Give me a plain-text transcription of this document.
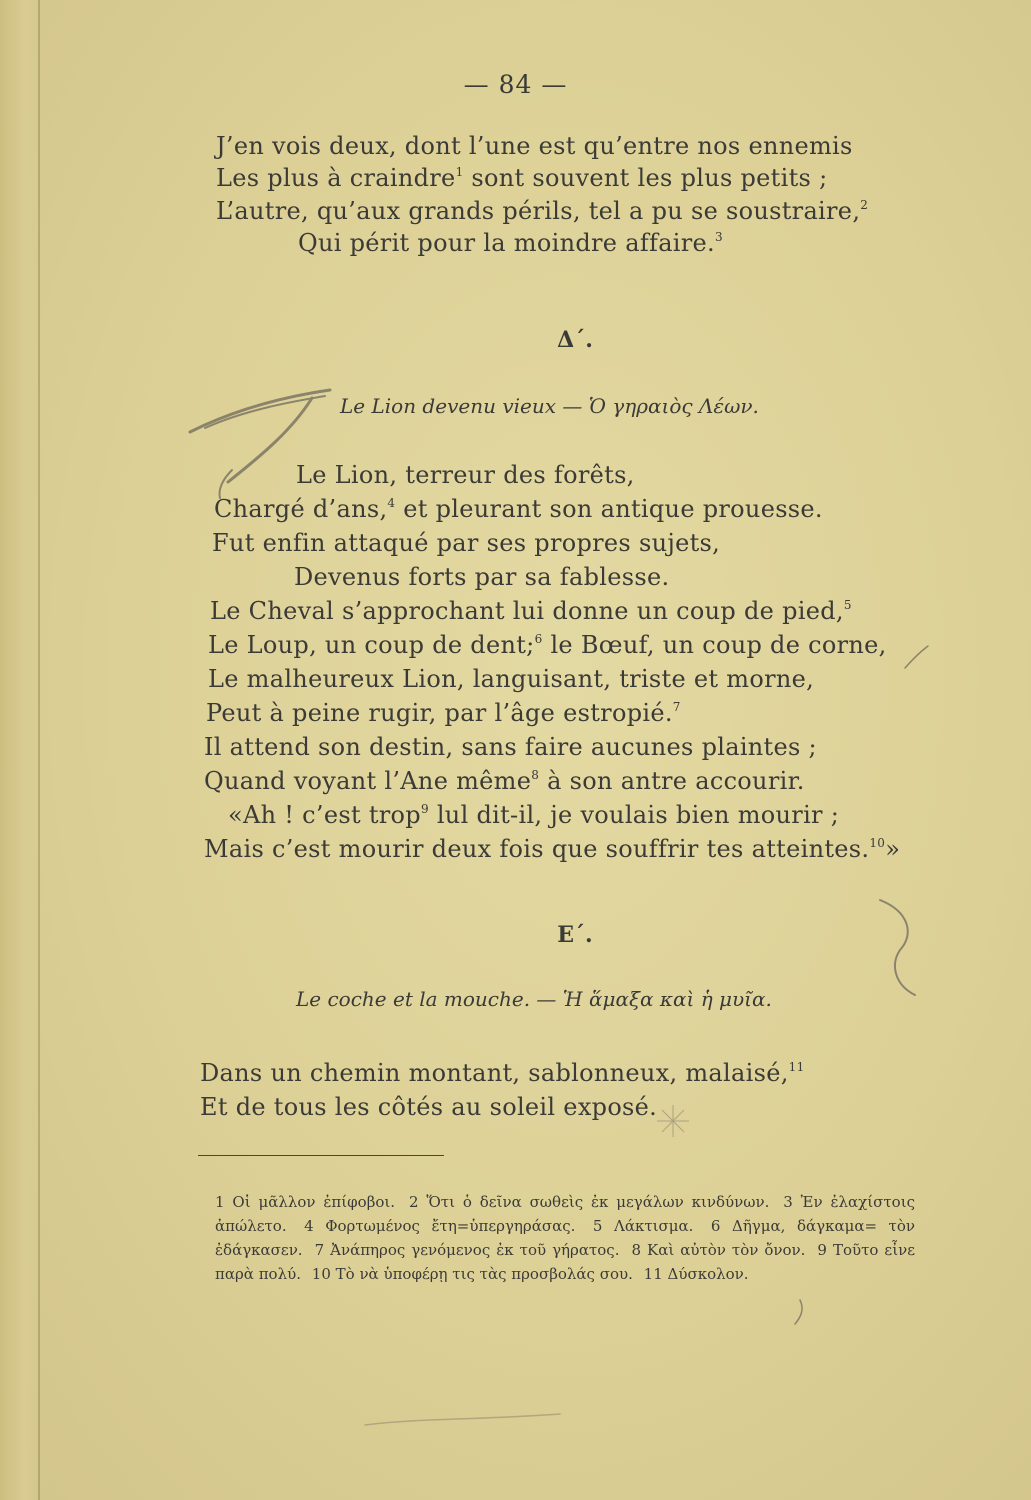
— 84 —
J’en vois deux, dont l’une est qu’entre nos ennemis
Les plus à craindre$^1$ sont souvent les plus petits ;
L’autre, qu’aux grands périls, tel a pu se soustraire,$^2$
Qui périt pour la moindre affaire.$^3$
Δ΄.
Le Lion devenu vieux — Ὁ γηραιὸς Λέων.
Le Lion, terreur des forêts,
Chargé d’ans,$^4$ et pleurant son antique prouesse.
Fut enfin attaqué par ses propres sujets,
Devenus forts par sa fablesse.
Le Cheval s’approchant lui donne un coup de pied,$^5$
Le Loup, un coup de dent;$^6$ le Bœuf, un coup de corne,
Le malheureux Lion, languisant, triste et morne,
Peut à peine rugir, par l’âge estropié.$^7$
Il attend son destin, sans faire aucunes plaintes ;
Quand voyant l’Ane même$^8$ à son antre accourir.
«Ah ! c’est trop$^9$ lul dit-il, je voulais bien mourir ;
Mais c’est mourir deux fois que souffrir tes atteintes.$^{10}$»
E΄.
Le coche et la mouche. — Ἡ ἅμαξα καὶ ἡ μυῖα.
Dans un chemin montant, sablonneux, malaisé,$^{11}$
Et de tous les côtés au soleil exposé.
1 Οἱ μᾶλλον ἐπίφοβοι. 2 Ὅτι ὁ δεῖνα σωθεὶς ἐκ μεγάλων κινδύνων. 3 Ἐν ἐλαχίστοις ἀπώλετο. 4 Φορτωμένος ἔτη=ὑπεργηράσας. 5 Λάκτισμα. 6 Δῆγμα, δάγκαμα= τὸν ἐδάγκασεν. 7 Ἀνάπηρος γενόμενος ἐκ τοῦ γήρατος. 8 Καὶ αὐτὸν τὸν ὄνον. 9 Τοῦτο εἶνε παρὰ πολύ. 10 Τὸ νὰ ὑποφέρῃ τις τὰς προσβολάς σου. 11 Δύσκολον.
